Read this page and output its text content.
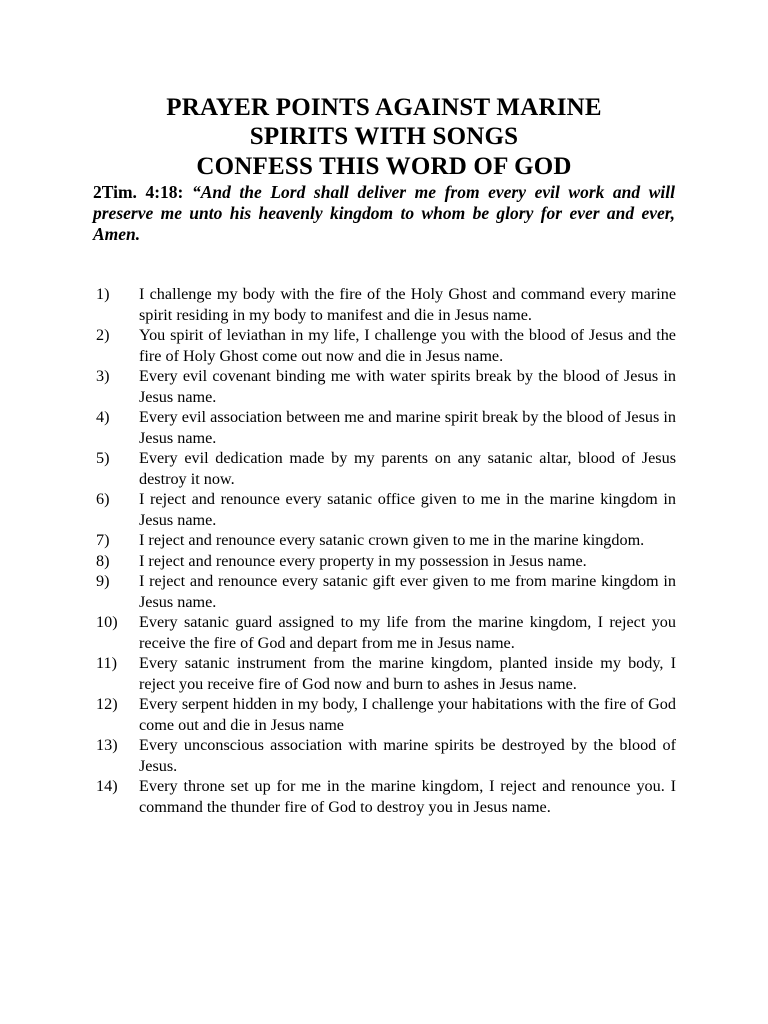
PRAYER POINTS AGAINST MARINE
SPIRITS WITH SONGS
CONFESS THIS WORD OF GOD
2Tim. 4:18: “And the Lord shall deliver me from every evil work and will preserve me unto his heavenly kingdom to whom be glory for ever and ever, Amen.
1)	I challenge my body with the fire of the Holy Ghost and command every marine spirit residing in my body to manifest and die in Jesus name.
2)	You spirit of leviathan in my life, I challenge you with the blood of Jesus and the fire of Holy Ghost come out now and die in Jesus name.
3)	Every evil covenant binding me with water spirits break by the blood of Jesus in Jesus name.
4)	Every evil association between me and marine spirit break by the blood of Jesus in Jesus name.
5)	Every evil dedication made by my parents on any satanic altar, blood of Jesus destroy it now.
6)	I reject and renounce every satanic office given to me in the marine kingdom in Jesus name.
7)	I reject and renounce every satanic crown given to me in the marine kingdom.
8)	I reject and renounce every property in my possession in Jesus name.
9)	I reject and renounce every satanic gift ever given to me from marine kingdom in Jesus name.
10)	Every satanic guard assigned to my life from the marine kingdom, I reject you receive the fire of God and depart from me in Jesus name.
11)	Every satanic instrument from the marine kingdom, planted inside my body, I reject you receive fire of God now and burn to ashes in Jesus name.
12)	Every serpent hidden in my body, I challenge your habitations with the fire of God come out and die in Jesus name
13)	Every unconscious association with marine spirits be destroyed by the blood of Jesus.
14)	Every throne set up for me in the marine kingdom, I reject and renounce you. I command the thunder fire of God to destroy you in Jesus name.
